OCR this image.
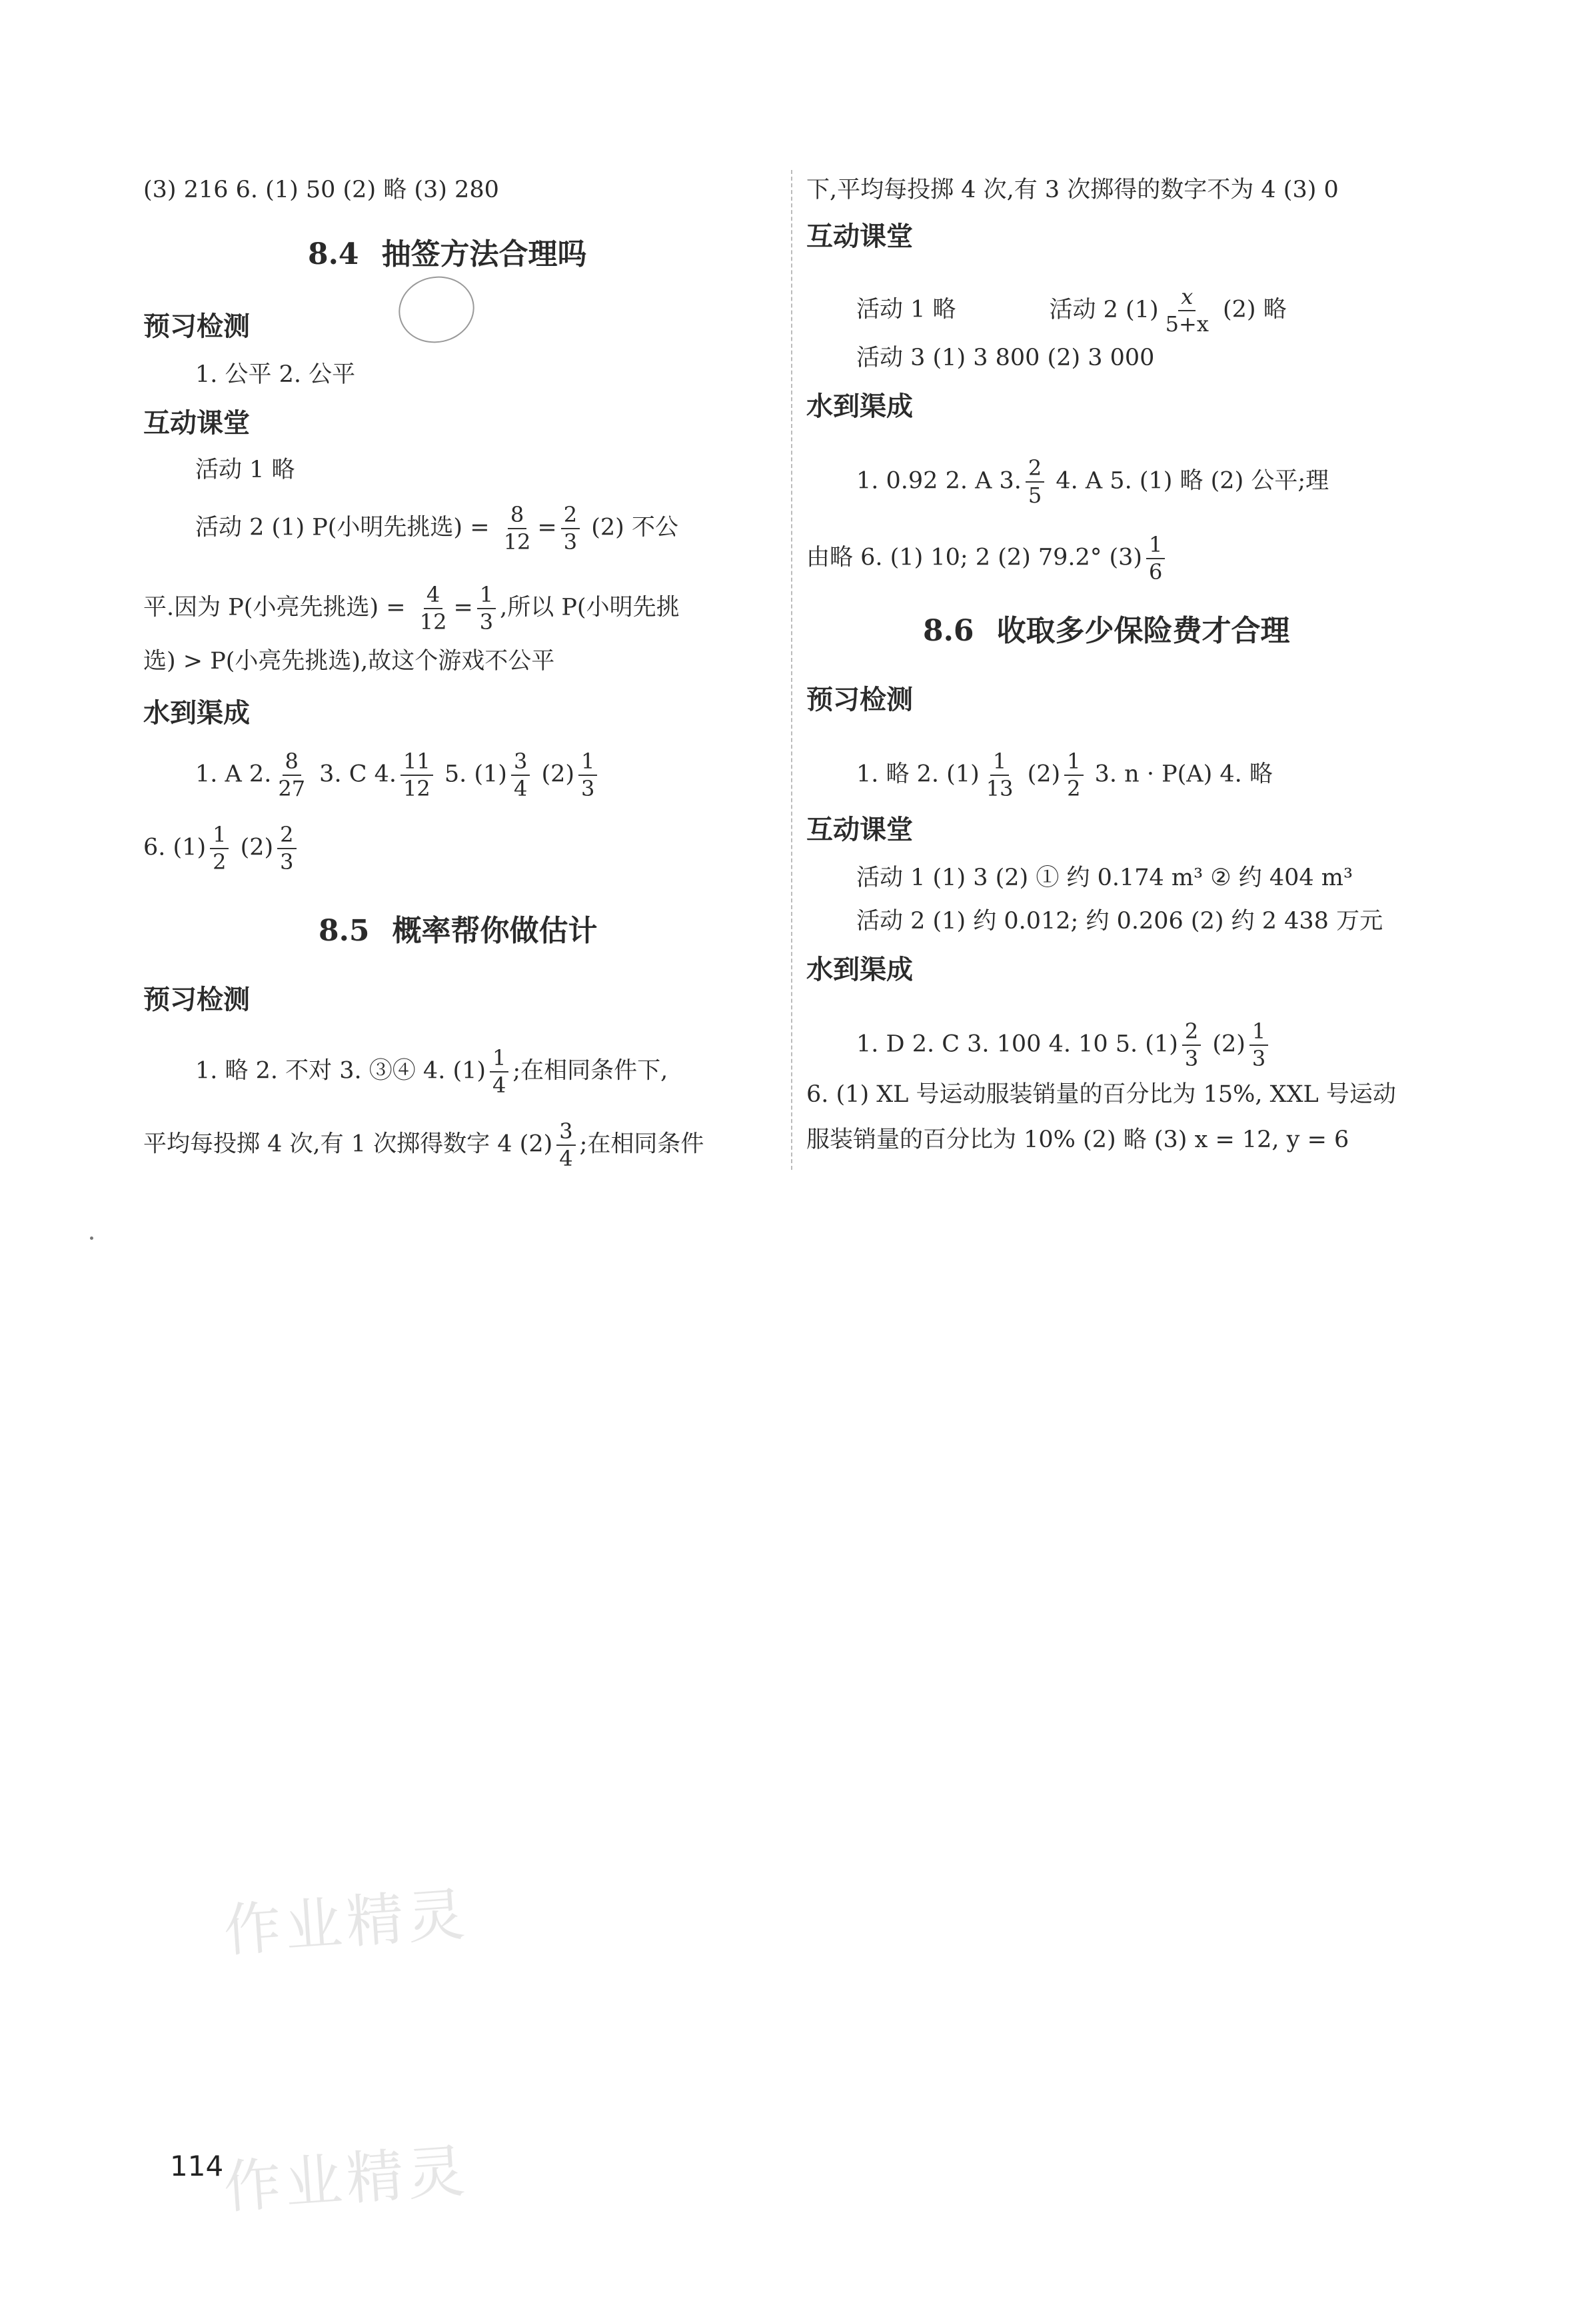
(3) 216 6. (1) 50 (2) 略 (3) 280
8.4 抽签方法合理吗
预习检测
1. 公平 2. 公平
互动课堂
活动 1 略
活动 2 (1) P(小明先挑选) = $\frac{8}{12} = \frac{2}{3} (2)$ 不公
平.因为 P(小亮先挑选) = $\frac{4}{12} = \frac{1}{3}$ ,所以 P(小明先挑
选) > P(小亮先挑选),故这个游戏不公平
水到渠成
1. A 2. $\frac{8}{27} 3$. C 4. $\frac{11}{12} 5$. $(1) \frac{3}{4} (2) \frac{1}{3}$
6. $(1) \frac{1}{2} (2) \frac{2}{3}$
8.5 概率帮你做估计
预习检测
1. 略 2. 不对 3. ③④ 4. $(1) \frac{1}{4}$ ;在相同条件下,
平均每投掷 4 次,有 1 次掷得数字 4 $(2) \frac{3}{4}$ ;在相同条件
下,平均每投掷 4 次,有 3 次掷得的数字不为 4 (3) 0
互动课堂
活动 1 略	活动 2 $(1) \frac{x}{5+x} (2)$ 略
活动 3 (1) 3 800 (2) 3 000
水到渠成
1. 0.92 2. A 3. $\frac{2}{5} 4$. A 5. (1) 略 (2) 公平;理
由略 6. (1) 10; 2 (2) 79.2° $(3) \frac{1}{6}$
8.6 收取多少保险费才合理
预习检测
1. 略 2. $(1) \frac{1}{13} (2) \frac{1}{2} 3$. n · P(A) 4. 略
互动课堂
活动 1 (1) 3 (2) ① 约 0.174 m³ ② 约 404 m³
活动 2 (1) 约 0.012; 约 0.206 (2) 约 2 438 万元
水到渠成
1. D 2. C 3. 100 4. 10 5. $(1) \frac{2}{3} (2) \frac{1}{3}$
6. (1) XL 号运动服装销量的百分比为 15%, XXL 号运动
服装销量的百分比为 10% (2) 略 (3) x = 12, y = 6
作业精灵
作业精灵
114
